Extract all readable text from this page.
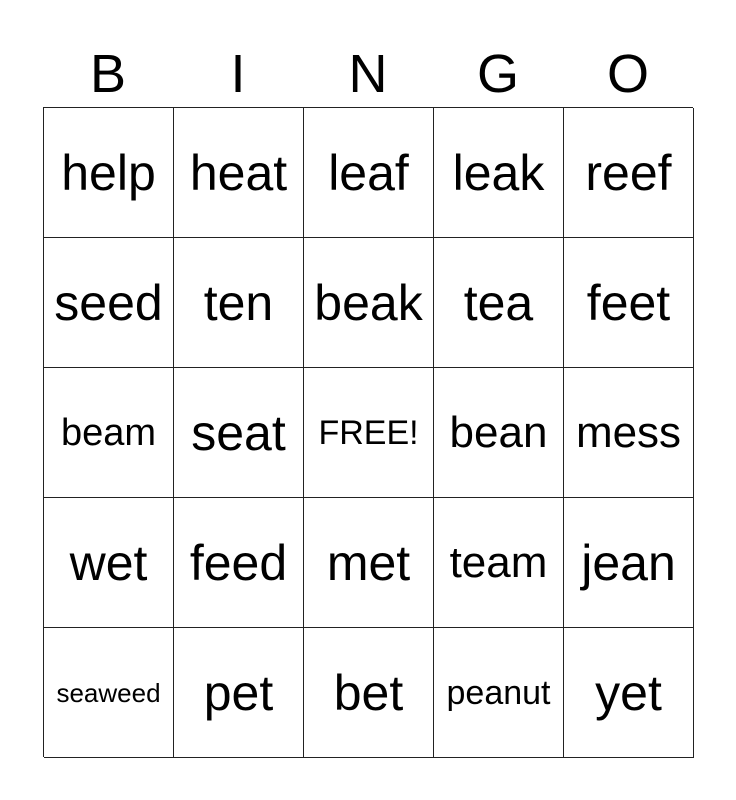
B	I	N	G	O
help heat leaf leak reef
seed ten beak tea	feet
beam seat FREE! bean mess
wet feed met team jean
seaweed pet	bet	peanut yet
